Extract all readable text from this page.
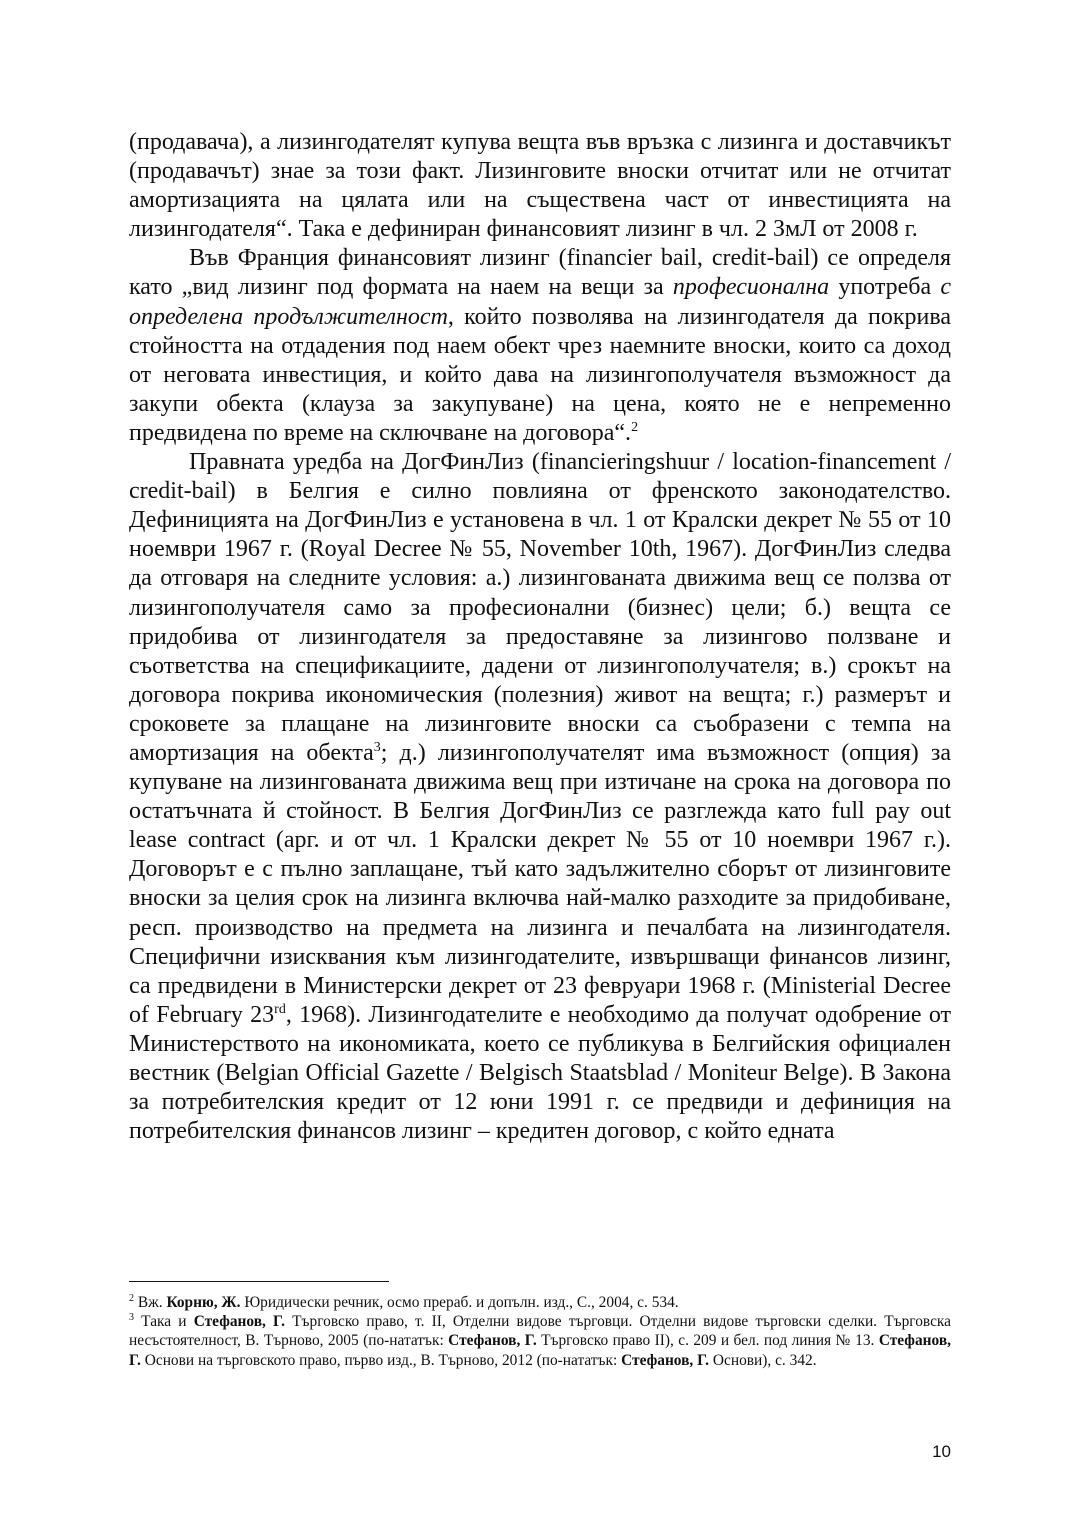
(продавача), а лизингодателят купува вещта във връзка с лизинга и доставчикът (продавачът) знае за този факт. Лизинговите вноски отчитат или не отчитат амортизацията на цялата или на съществена част от инвестицията на лизингодателя“. Така е дефиниран финансовият лизинг в чл. 2 ЗмЛ от 2008 г.

Във Франция финансовият лизинг (financier bail, credit-bail) се определя като „вид лизинг под формата на наем на вещи за професионална употреба с определена продължителност, който позволява на лизингодателя да покрива стойността на отдадения под наем обект чрез наемните вноски, които са доход от неговата инвестиция, и който дава на лизингополучателя възможност да закупи обекта (клауза за закупуване) на цена, която не е непременно предвидена по време на сключване на договора“.$^2$

Правната уредба на ДогФинЛиз (financieringshuur / location-financement / credit-bail) в Белгия е силно повлияна от френското законодателство. Дефиницията на ДогФинЛиз е установена в чл. 1 от Кралски декрет № 55 от 10 ноември 1967 г. (Royal Decree № 55, November 10th, 1967). ДогФинЛиз следва да отговаря на следните условия: а.) лизингованата движима вещ се ползва от лизингополучателя само за професионални (бизнес) цели; б.) вещта се придобива от лизингодателя за предоставяне за лизингово ползване и съответства на спецификациите, дадени от лизингополучателя; в.) срокът на договора покрива икономическия (полезния) живот на вещта; г.) размерът и сроковете за плащане на лизинговите вноски са съобразени с темпа на амортизация на обекта$^3$; д.) лизингополучателят има възможност (опция) за купуване на лизингованата движима вещ при изтичане на срока на договора по остатъчната й стойност. В Белгия ДогФинЛиз се разглежда като full pay out lease contract (арг. и от чл. 1 Кралски декрет № 55 от 10 ноември 1967 г.). Договорът е с пълно заплащане, тъй като задължително сборът от лизинговите вноски за целия срок на лизинга включва най-малко разходите за придобиване, респ. производство на предмета на лизинга и печалбата на лизингодателя. Специфични изисквания към лизингодателите, извършващи финансов лизинг, са предвидени в Министерски декрет от 23 февруари 1968 г. (Ministerial Decree of February 23rd, 1968). Лизингодателите е необходимо да получат одобрение от Министерството на икономиката, което се публикува в Белгийския официален вестник (Belgian Official Gazette / Belgisch Staatsblad / Moniteur Belge). В Закона за потребителския кредит от 12 юни 1991 г. се предвиди и дефиниция на потребителския финансов лизинг – кредитен договор, с който едната

$^2$ Вж. Корню, Ж. Юридически речник, осмо прераб. и допълн. изд., С., 2004, с. 534.

$^3$ Така и Стефанов, Г. Търговско право, т. II, Отделни видове търговци. Отделни видове търговски сделки. Търговска несъстоятелност, В. Търново, 2005 (по-нататък: Стефанов, Г. Търговско право II), с. 209 и бел. под линия № 13. Стефанов, Г. Основи на търговското право, първо изд., В. Търново, 2012 (по-нататък: Стефанов, Г. Основи), с. 342.

10
